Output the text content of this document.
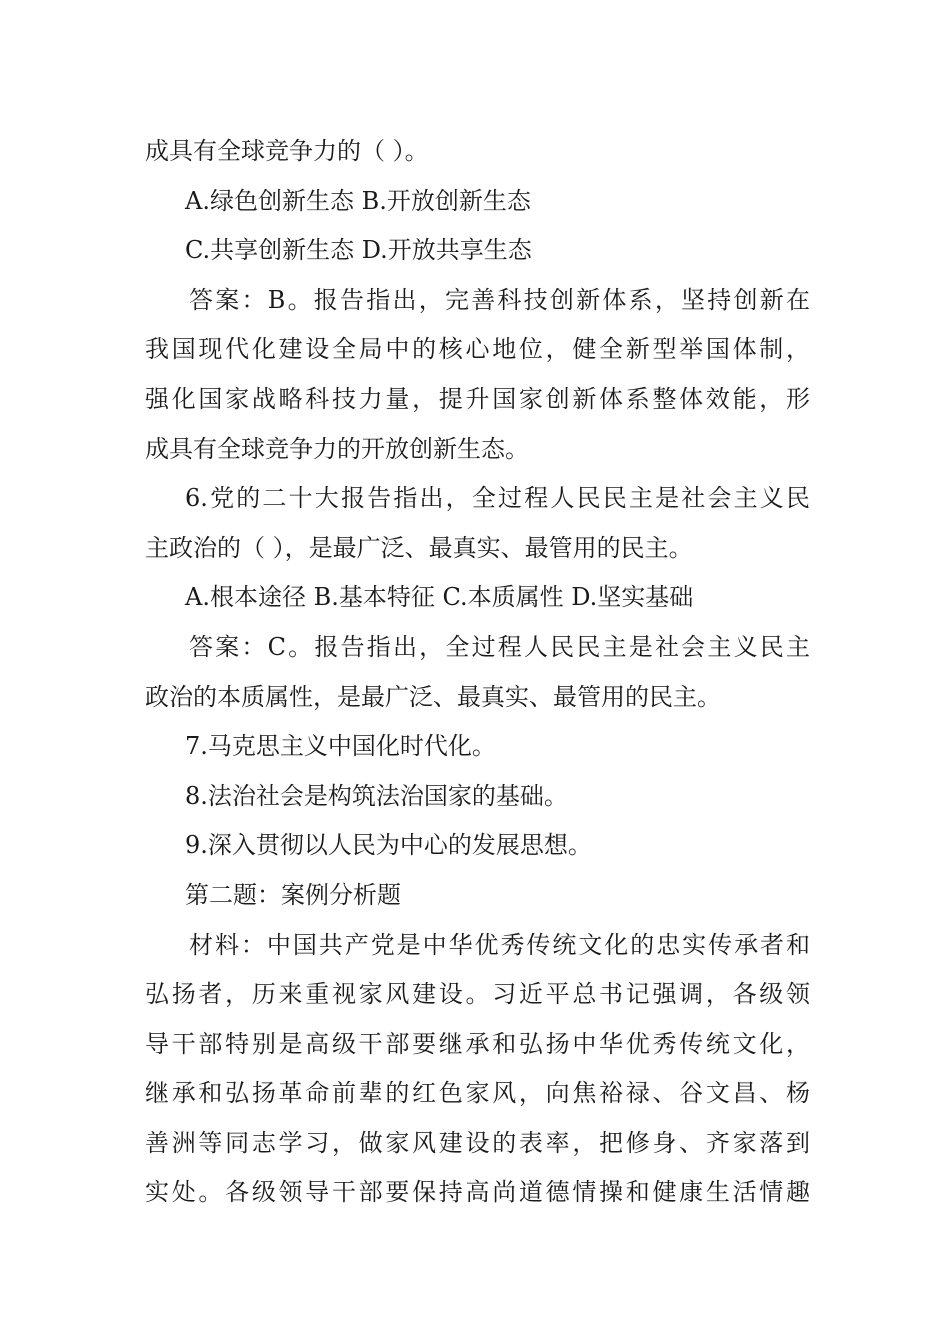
成具有全球竞争力的（ ）。
A.绿色创新生态 B.开放创新生态
C.共享创新生态 D.开放共享生态
答案：B。报告指出，完善科技创新体系，坚持创新在
我国现代化建设全局中的核心地位，健全新型举国体制，
强化国家战略科技力量，提升国家创新体系整体效能，形
成具有全球竞争力的开放创新生态。
6.党的二十大报告指出，全过程人民民主是社会主义民
主政治的（ ），是最广泛、最真实、最管用的民主。
A.根本途径 B.基本特征 C.本质属性 D.坚实基础
答案：C。报告指出，全过程人民民主是社会主义民主
政治的本质属性，是最广泛、最真实、最管用的民主。
7.马克思主义中国化时代化。
8.法治社会是构筑法治国家的基础。
9.深入贯彻以人民为中心的发展思想。
第二题：案例分析题
材料：中国共产党是中华优秀传统文化的忠实传承者和
弘扬者，历来重视家风建设。习近平总书记强调，各级领
导干部特别是高级干部要继承和弘扬中华优秀传统文化，
继承和弘扬革命前辈的红色家风，向焦裕禄、谷文昌、杨
善洲等同志学习，做家风建设的表率，把修身、齐家落到
实处。各级领导干部要保持高尚道德情操和健康生活情趣
